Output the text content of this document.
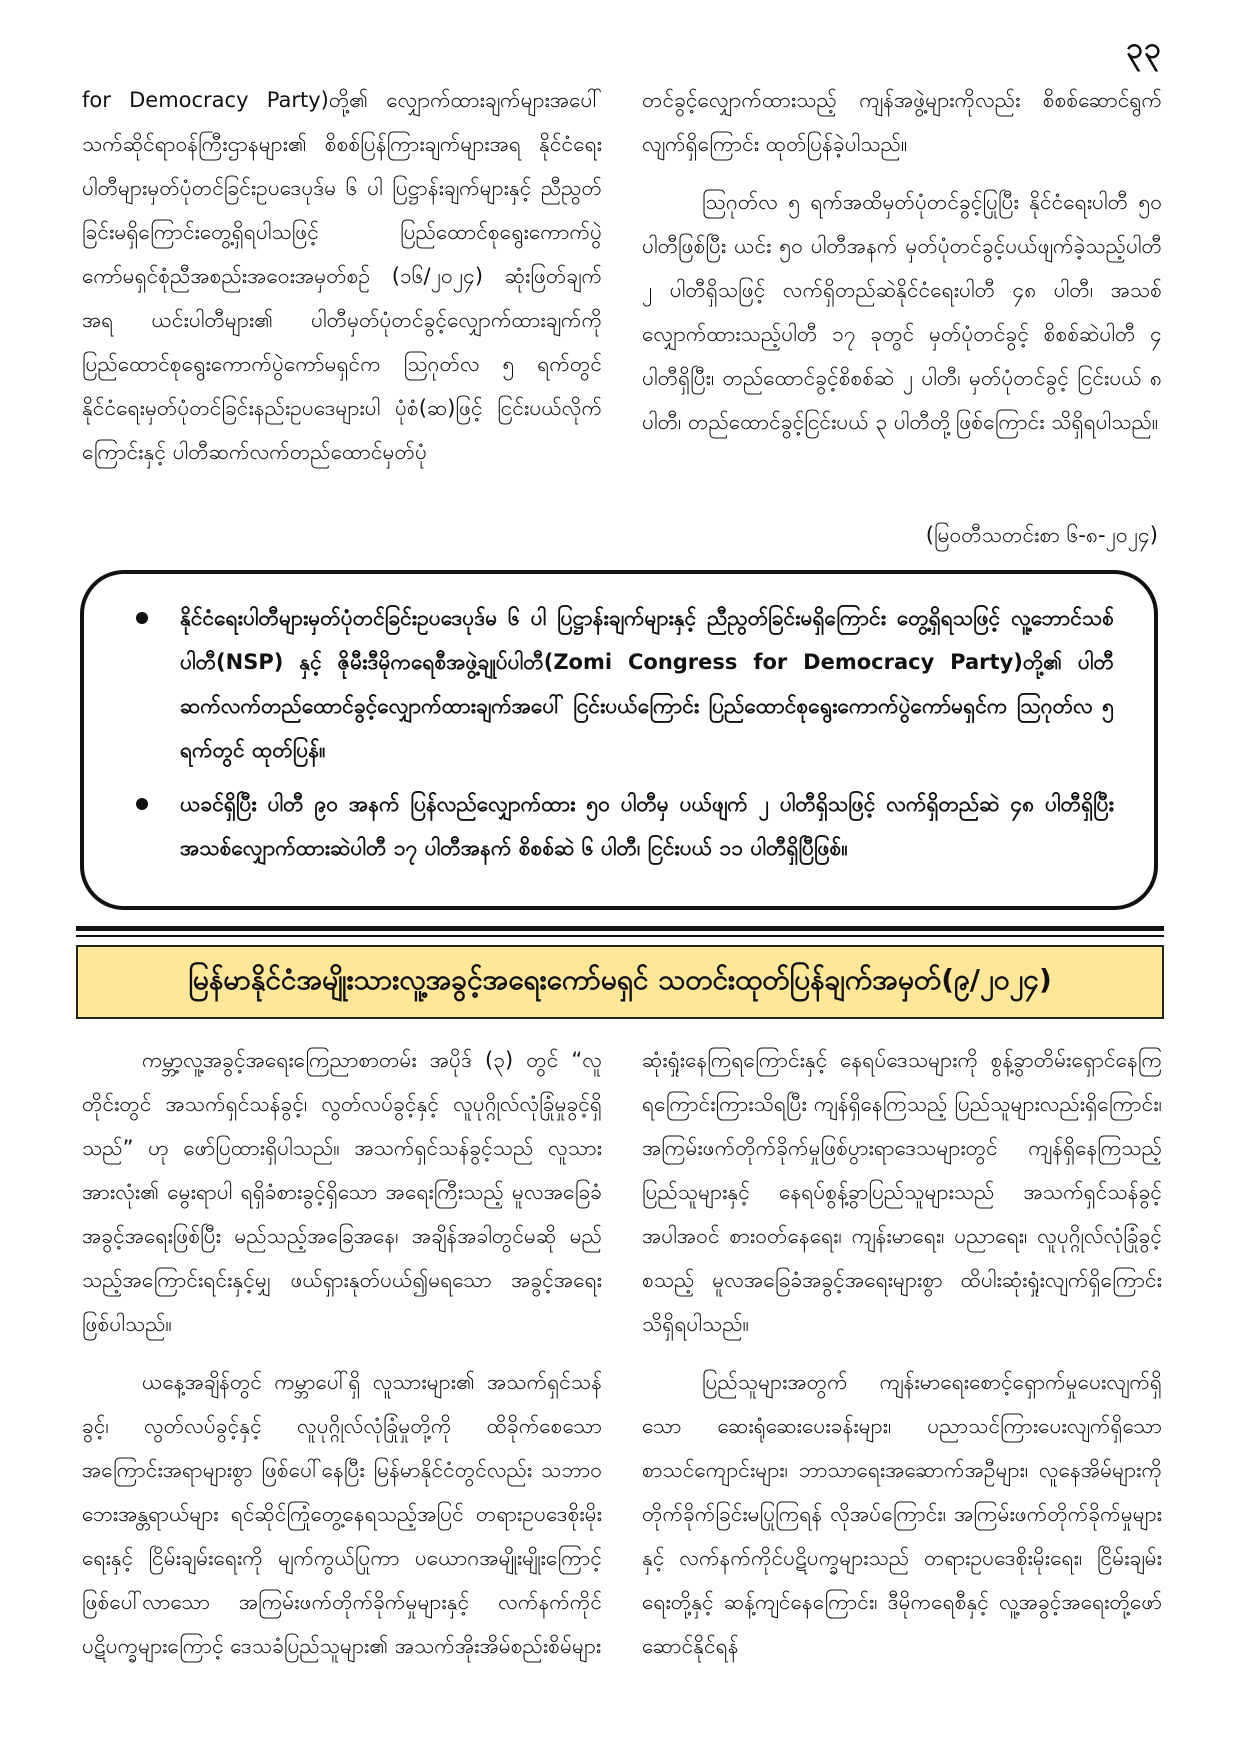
၃၃

for Democracy Party)တို့၏ လျှောက်ထားချက်များအပေါ် သက်ဆိုင်ရာဝန်ကြီးဌာနများ၏ စိစစ်ပြန်ကြားချက်များအရ နိုင်ငံရေးပါတီများမှတ်ပုံတင်ခြင်းဥပဒေပုဒ်မ ၆ ပါ ပြဋ္ဌာန်းချက်များနှင့် ညီညွတ်ခြင်းမရှိကြောင်းတွေ့ရှိရပါသဖြင့် ပြည်ထောင်စုရွေးကောက်ပွဲကော်မရှင်စုံညီအစည်းအဝေးအမှတ်စဉ် (၁၆/၂၀၂၄) ဆုံးဖြတ်ချက်အရ ယင်းပါတီများ၏ ပါတီမှတ်ပုံတင်ခွင့်လျှောက်ထားချက်ကို ပြည်ထောင်စုရွေးကောက်ပွဲကော်မရှင်က ဩဂုတ်လ ၅ ရက်တွင် နိုင်ငံရေးမှတ်ပုံတင်ခြင်းနည်းဥပဒေများပါ ပုံစံ(ဆ)ဖြင့် ငြင်းပယ်လိုက်ကြောင်းနှင့် ပါတီဆက်လက်တည်ထောင်မှတ်ပုံ

တင်ခွင့်လျှောက်ထားသည့် ကျန်အဖွဲ့များကိုလည်း စိစစ်ဆောင်ရွက်လျက်ရှိကြောင်း ထုတ်ပြန်ခဲ့ပါသည်။

ဩဂုတ်လ ၅ ရက်အထိမှတ်ပုံတင်ခွင့်ပြုပြီး နိုင်ငံရေးပါတီ ၅၀ ပါတီဖြစ်ပြီး ယင်း ၅၀ ပါတီအနက် မှတ်ပုံတင်ခွင့်ပယ်ဖျက်ခဲ့သည့်ပါတီ ၂ ပါတီရှိသဖြင့် လက်ရှိတည်ဆဲနိုင်ငံရေးပါတီ ၄၈ ပါတီ၊ အသစ်လျှောက်ထားသည့်ပါတီ ၁၇ ခုတွင် မှတ်ပုံတင်ခွင့် စိစစ်ဆဲပါတီ ၄ ပါတီရှိပြီး၊ တည်ထောင်ခွင့်စိစစ်ဆဲ ၂ ပါတီ၊ မှတ်ပုံတင်ခွင့် ငြင်းပယ် ၈ ပါတီ၊ တည်ထောင်ခွင့်ငြင်းပယ် ၃ ပါတီတို့ဖြစ်ကြောင်း သိရှိရပါသည်။

(မြဝတီသတင်းစာ ၆-၈-၂၀၂၄)

နိုင်ငံရေးပါတီများမှတ်ပုံတင်ခြင်းဥပဒေပုဒ်မ ၆ ပါ ပြဋ္ဌာန်းချက်များနှင့် ညီညွတ်ခြင်းမရှိကြောင်း တွေ့ရှိရသဖြင့် လူ့ဘောင်သစ်ပါတီ(NSP) နှင့် ဇိုမီးဒီမိုကရေစီအဖွဲ့ချုပ်ပါတီ(Zomi Congress for Democracy Party)တို့၏ ပါတီဆက်လက်တည်ထောင်ခွင့်လျှောက်ထားချက်အပေါ် ငြင်းပယ်ကြောင်း ပြည်ထောင်စုရွေးကောက်ပွဲကော်မရှင်က ဩဂုတ်လ ၅ ရက်တွင် ထုတ်ပြန်။
ယခင်ရှိပြီး ပါတီ ၉၀ အနက် ပြန်လည်လျှောက်ထား ၅၀ ပါတီမှ ပယ်ဖျက် ၂ ပါတီရှိသဖြင့် လက်ရှိတည်ဆဲ ၄၈ ပါတီရှိပြီး အသစ်လျှောက်ထားဆဲပါတီ ၁၇ ပါတီအနက် စိစစ်ဆဲ ၆ ပါတီ၊ ငြင်းပယ် ၁၁ ပါတီရှိပြီဖြစ်။
မြန်မာနိုင်ငံအမျိုးသားလူ့အခွင့်အရေးကော်မရှင် သတင်းထုတ်ပြန်ချက်အမှတ်(၉/၂၀၂၄)

ကမ္ဘာ့လူ့အခွင့်အရေးကြေညာစာတမ်း အပိုဒ် (၃) တွင် “လူတိုင်းတွင် အသက်ရှင်သန်ခွင့်၊ လွတ်လပ်ခွင့်နှင့် လူပုဂ္ဂိုလ်လုံခြုံမှုခွင့်ရှိသည်” ဟု ဖော်ပြထားရှိပါသည်။ အသက်ရှင်သန်ခွင့်သည် လူသားအားလုံး၏ မွေးရာပါ ရရှိခံစားခွင့်ရှိသော အရေးကြီးသည့် မူလအခြေခံအခွင့်အရေးဖြစ်ပြီး မည်သည့်အခြေအနေ၊ အချိန်အခါတွင်မဆို မည်သည့်အကြောင်းရင်းနှင့်မျှ ဖယ်ရှားနုတ်ပယ်၍မရသော အခွင့်အရေးဖြစ်ပါသည်။

ယနေ့အချိန်တွင် ကမ္ဘာပေါ်ရှိ လူသားများ၏ အသက်ရှင်သန်ခွင့်၊ လွတ်လပ်ခွင့်နှင့် လူပုဂ္ဂိုလ်လုံခြုံမှုတို့ကို ထိခိုက်စေသောအကြောင်းအရာများစွာ ဖြစ်ပေါ်နေပြီး မြန်မာနိုင်ငံတွင်လည်း သဘာဝဘေးအန္တရာယ်များ ရင်ဆိုင်ကြုံတွေ့နေရသည့်အပြင် တရားဥပဒေစိုးမိုးရေးနှင့် ငြိမ်းချမ်းရေးကို မျက်ကွယ်ပြုကာ ပယောဂအမျိုးမျိုးကြောင့် ဖြစ်ပေါ်လာသော အကြမ်းဖက်တိုက်ခိုက်မှုများနှင့် လက်နက်ကိုင်ပဋိပက္ခများကြောင့် ဒေသခံပြည်သူများ၏ အသက်အိုးအိမ်စည်းစိမ်များ

ဆုံးရှုံးနေကြရကြောင်းနှင့် နေရပ်ဒေသများကို စွန့်ခွာတိမ်းရှောင်နေကြရကြောင်းကြားသိရပြီး ကျန်ရှိနေကြသည့် ပြည်သူများလည်းရှိကြောင်း၊ အကြမ်းဖက်တိုက်ခိုက်မှုဖြစ်ပွားရာဒေသများတွင် ကျန်ရှိနေကြသည့် ပြည်သူများနှင့် နေရပ်စွန့်ခွာပြည်သူများသည် အသက်ရှင်သန်ခွင့်အပါအဝင် စားဝတ်နေရေး၊ ကျန်းမာရေး၊ ပညာရေး၊ လူပုဂ္ဂိုလ်လုံခြုံခွင့် စသည့် မူလအခြေခံအခွင့်အရေးများစွာ ထိပါးဆုံးရှုံးလျက်ရှိကြောင်း သိရှိရပါသည်။

ပြည်သူများအတွက် ကျန်းမာရေးစောင့်ရှောက်မှုပေးလျက်ရှိသော ဆေးရုံဆေးပေးခန်းများ၊ ပညာသင်ကြားပေးလျက်ရှိသော စာသင်ကျောင်းများ၊ ဘာသာရေးအဆောက်အဦများ၊ လူနေအိမ်များကို တိုက်ခိုက်ခြင်းမပြုကြရန် လိုအပ်ကြောင်း၊ အကြမ်းဖက်တိုက်ခိုက်မှုများနှင့် လက်နက်ကိုင်ပဋိပက္ခများသည် တရားဥပဒေစိုးမိုးရေး၊ ငြိမ်းချမ်းရေးတို့နှင့် ဆန့်ကျင်နေကြောင်း၊ ဒီမိုကရေစီနှင့် လူ့အခွင့်အရေးတို့ဖော်ဆောင်နိုင်ရန်
